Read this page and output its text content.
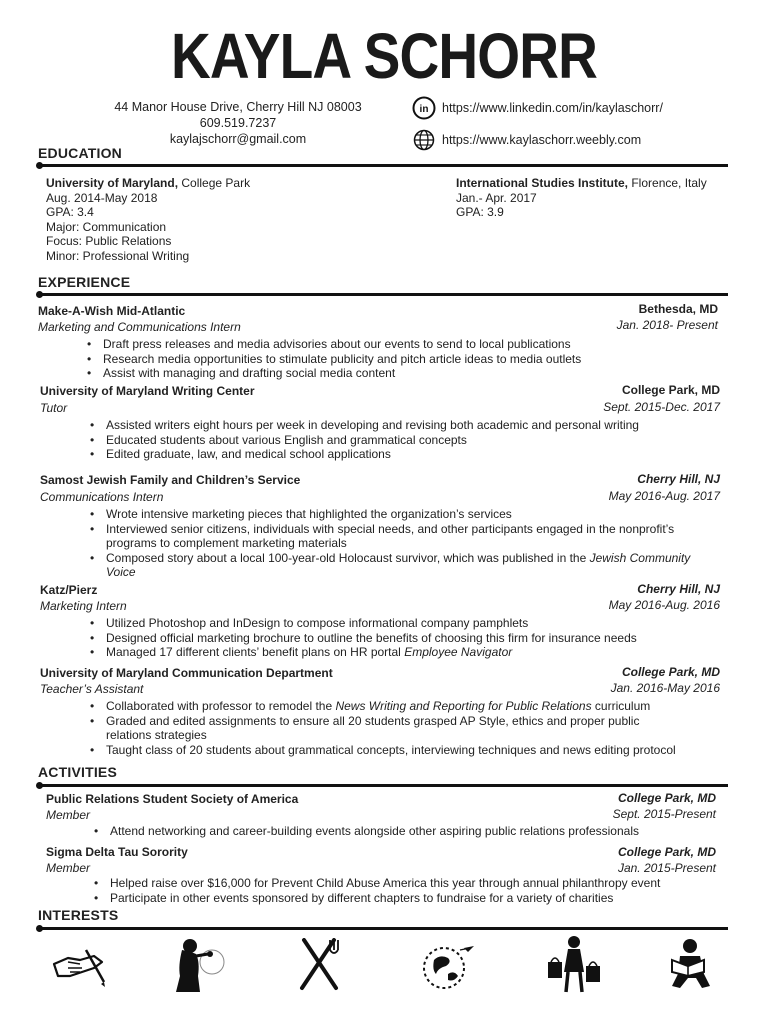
KAYLA SCHORR
44 Manor House Drive, Cherry Hill NJ 08003
609.519.7237
kaylajschorr@gmail.com
in https://www.linkedin.com/in/kaylaschorr/
https://www.kaylaschorr.weebly.com
EDUCATION
University of Maryland, College Park
Aug. 2014-May 2018
GPA: 3.4
Major: Communication
Focus: Public Relations
Minor: Professional Writing
International Studies Institute, Florence, Italy
Jan.- Apr. 2017
GPA: 3.9
EXPERIENCE
Make-A-Wish Mid-Atlantic	Bethesda, MD
Marketing and Communications Intern	Jan. 2018- Present
• Draft press releases and media advisories about our events to send to local publications
• Research media opportunities to stimulate publicity and pitch article ideas to media outlets
• Assist with managing and drafting social media content
University of Maryland Writing Center	College Park, MD
Tutor	Sept. 2015-Dec. 2017
• Assisted writers eight hours per week in developing and revising both academic and personal writing
• Educated students about various English and grammatical concepts
• Edited graduate, law, and medical school applications
Samost Jewish Family and Children’s Service	Cherry Hill, NJ
Communications Intern	May 2016-Aug. 2017
• Wrote intensive marketing pieces that highlighted the organization’s services
• Interviewed senior citizens, individuals with special needs, and other participants engaged in the nonprofit’s
programs to complement marketing materials
• Composed story about a local 100-year-old Holocaust survivor, which was published in the Jewish Community
Voice
Katz/Pierz	Cherry Hill, NJ
Marketing Intern	May 2016-Aug. 2016
• Utilized Photoshop and InDesign to compose informational company pamphlets
• Designed official marketing brochure to outline the benefits of choosing this firm for insurance needs
• Managed 17 different clients’ benefit plans on HR portal Employee Navigator
University of Maryland Communication Department	College Park, MD
Teacher’s Assistant	Jan. 2016-May 2016
• Collaborated with professor to remodel the News Writing and Reporting for Public Relations curriculum
• Graded and edited assignments to ensure all 20 students grasped AP Style, ethics and proper public
relations strategies
• Taught class of 20 students about grammatical concepts, interviewing techniques and news editing protocol
ACTIVITIES
Public Relations Student Society of America	College Park, MD
Member	Sept. 2015-Present
• Attend networking and career-building events alongside other aspiring public relations professionals
Sigma Delta Tau Sorority	College Park, MD
Member	Jan. 2015-Present
• Helped raise over $16,000 for Prevent Child Abuse America this year through annual philanthropy event
• Participate in other events sponsored by different chapters to fundraise for a variety of charities
INTERESTS
